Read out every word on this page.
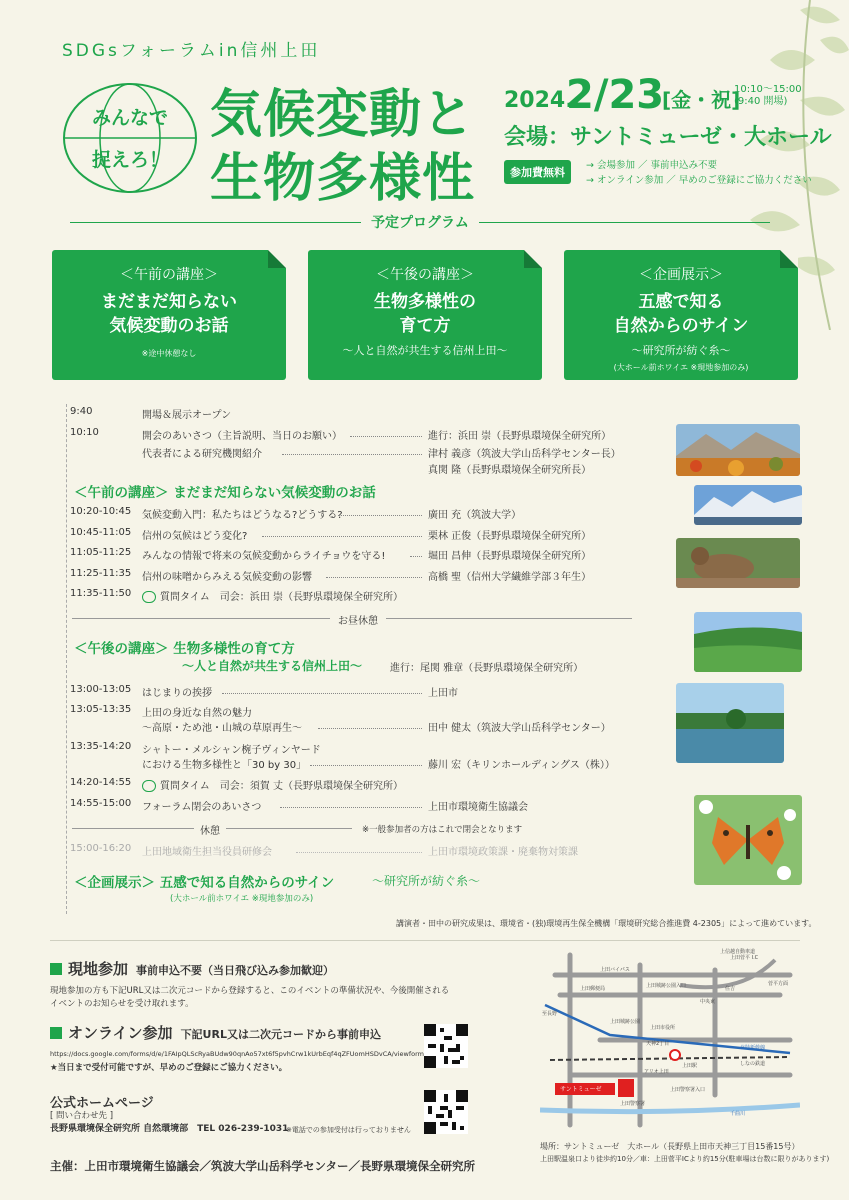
SDGsフォーラムin信州上田
みんなで
捉えろ！
気候変動と
生物多様性
2024.
2/23
[金・祝]
10:10～15:00
(9:40 開場)
会場：サントミューゼ・大ホール
参加費無料
→ 会場参加 ／ 事前申込み不要
→ オンライン参加 ／ 早めのご登録にご協力ください
予定プログラム
＜午前の講座＞
まだまだ知らない
気候変動のお話
※途中休憩なし
＜午後の講座＞
生物多様性の
育て方
～人と自然が共生する信州上田～
＜企画展示＞
五感で知る
自然からのサイン
～研究所が紡ぐ糸～
(大ホール前ホワイエ ※現地参加のみ)
9:40	開場＆展示オープン
10:10	開会のあいさつ（主旨説明、当日のお願い）	進行：浜田 崇（長野県環境保全研究所）
代表者による研究機関紹介	津村 義彦（筑波大学山岳科学センター長）
真関 隆（長野県環境保全研究所長）
＜午前の講座＞ まだまだ知らない気候変動のお話
10:20-10:45	気候変動入門：私たちはどうなる?どうする?	廣田 充（筑波大学）
10:45-11:05	信州の気候はどう変化?	栗林 正俊（長野県環境保全研究所）
11:05-11:25	みんなの情報で将来の気候変動からライチョウを守る!	堀田 昌伸（長野県環境保全研究所）
11:25-11:35	信州の味噌からみえる気候変動の影響	高橋 聖（信州大学繊維学部３年生）
11:35-11:50	質問タイム　司会：浜田 崇（長野県環境保全研究所）
お昼休憩
＜午後の講座＞ 生物多様性の育て方
～人と自然が共生する信州上田～	進行：尾関 雅章（長野県環境保全研究所）
13:00-13:05	はじまりの挨拶	上田市
13:05-13:35	上田の身近な自然の魅力
～高原・ため池・山城の草原再生～	田中 健太（筑波大学山岳科学センター）
13:35-14:20	シャトー・メルシャン椀子ヴィンヤード
における生物多様性と「30 by 30」	藤川 宏（キリンホールディングス（株））
14:20-14:55	質問タイム　司会：須賀 丈（長野県環境保全研究所）
14:55-15:00	フォーラム閉会のあいさつ	上田市環境衛生協議会
休憩	※一般参加者の方はこれで閉会となります
15:00-16:20	上田地域衛生担当役員研修会	上田市環境政策課・廃棄物対策課
＜企画展示＞ 五感で知る自然からのサイン	～研究所が紡ぐ糸～
(大ホール前ホワイエ ※現地参加のみ)
講演者・田中の研究成果は、環境省・(独)環境再生保全機構「環境研究総合推進費 4-2305」によって進めています。
現地参加 事前申込不要（当日飛び込み参加歓迎）
現地参加の方も下記URL又は二次元コードから登録すると、このイベントの準備状況や、今後開催される
イベントのお知らせを受け取れます。
オンライン参加 下記URL又は二次元コードから事前申込
https://docs.google.com/forms/d/e/1FAIpQLScRyaBUdw90qnAo57xt6f5pvhCrw1kUrbEqf4qZFUomHSDvCA/viewform
★当日まで受付可能ですが、早めのご登録にご協力ください。
公式ホームページ
[ 問い合わせ先 ]
長野県環境保全研究所 自然環境部　TEL 026-239-1031
※電話での参加受付は行っておりません
主催：上田市環境衛生協議会／筑波大学山岳科学センター／長野県環境保全研究所
サントミューゼ
上田バイパス
上信越自動車道
上田菅平 I.C
菅平方面
至長野
上田城跡公園入口
上田郵便局
中央東
住吉
上田城跡公園
上田市役所
天神2丁目
北陸新幹線
しなの鉄道
上田駅
アリオ上田
上田警察署入口
上田警察署
千曲川
場所：サントミューゼ　大ホール（長野県上田市天神三丁目15番15号）
上田駅温泉口より徒歩約10分／車：上田菅平ICより約15分(駐車場は台数に限りがあります)
